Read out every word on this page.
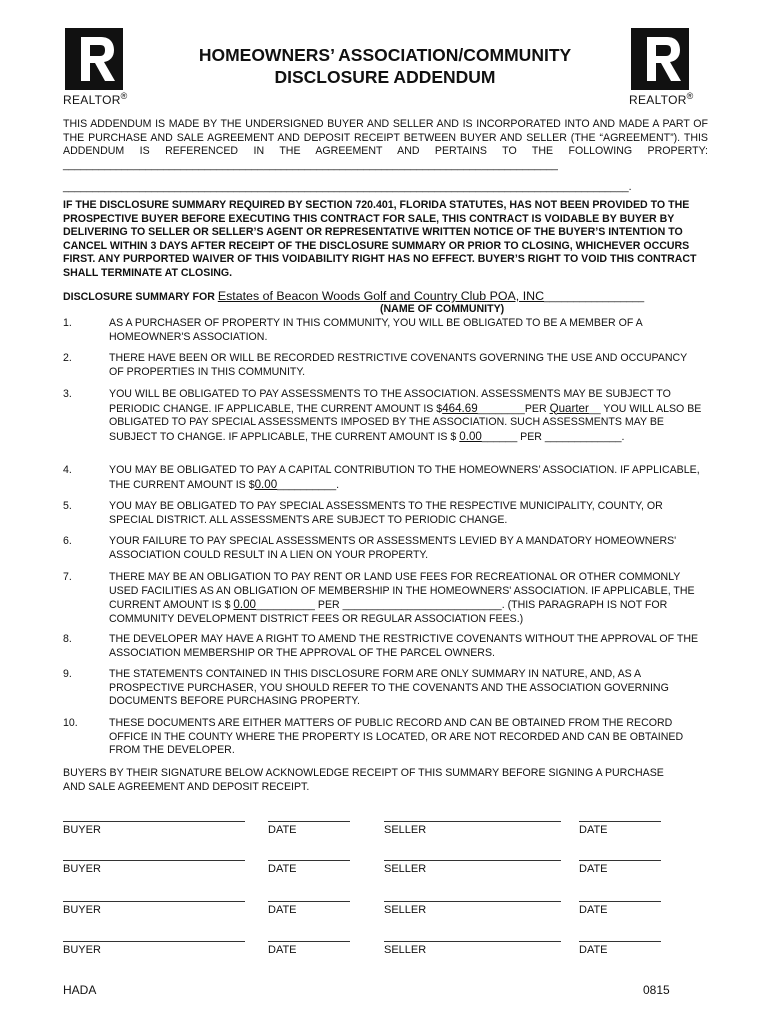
REALTOR®	REALTOR®
HOMEOWNERS’ ASSOCIATION/COMMUNITY
DISCLOSURE ADDENDUM
THIS ADDENDUM IS MADE BY THE UNDERSIGNED BUYER AND SELLER AND IS INCORPORATED INTO AND MADE A PART OF THE PURCHASE AND SALE AGREEMENT AND DEPOSIT RECEIPT BETWEEN BUYER AND SELLER (THE “AGREEMENT”). THIS ADDENDUM IS REFERENCED IN THE AGREEMENT AND PERTAINS TO THE FOLLOWING PROPERTY: ____________________________________________________________________________________
________________________________________________________________________________________________.
IF THE DISCLOSURE SUMMARY REQUIRED BY SECTION 720.401, FLORIDA STATUTES, HAS NOT BEEN PROVIDED TO THE PROSPECTIVE BUYER BEFORE EXECUTING THIS CONTRACT FOR SALE, THIS CONTRACT IS VOIDABLE BY BUYER BY DELIVERING TO SELLER OR SELLER’S AGENT OR REPRESENTATIVE WRITTEN NOTICE OF THE BUYER’S INTENTION TO CANCEL WITHIN 3 DAYS AFTER RECEIPT OF THE DISCLOSURE SUMMARY OR PRIOR TO CLOSING, WHICHEVER OCCURS FIRST. ANY PURPORTED WAIVER OF THIS VOIDABILITY RIGHT HAS NO EFFECT. BUYER’S RIGHT TO VOID THIS CONTRACT SHALL TERMINATE AT CLOSING.
DISCLOSURE SUMMARY FOR Estates of Beacon Woods Golf and Country Club POA, INC_________________
(NAME OF COMMUNITY)
1.	AS A PURCHASER OF PROPERTY IN THIS COMMUNITY, YOU WILL BE OBLIGATED TO BE A MEMBER OF A HOMEOWNER'S ASSOCIATION.
2.	THERE HAVE BEEN OR WILL BE RECORDED RESTRICTIVE COVENANTS GOVERNING THE USE AND OCCUPANCY OF PROPERTIES IN THIS COMMUNITY.
3.	YOU WILL BE OBLIGATED TO PAY ASSESSMENTS TO THE ASSOCIATION. ASSESSMENTS MAY BE SUBJECT TO PERIODIC CHANGE. IF APPLICABLE, THE CURRENT AMOUNT IS $464.69________PER Quarter__ YOU WILL ALSO BE OBLIGATED TO PAY SPECIAL ASSESSMENTS IMPOSED BY THE ASSOCIATION. SUCH ASSESSMENTS MAY BE SUBJECT TO CHANGE. IF APPLICABLE, THE CURRENT AMOUNT IS $ 0.00______ PER _____________.
4.	YOU MAY BE OBLIGATED TO PAY A CAPITAL CONTRIBUTION TO THE HOMEOWNERS’ ASSOCIATION. IF APPLICABLE, THE CURRENT AMOUNT IS $0.00__________.
5.	YOU MAY BE OBLIGATED TO PAY SPECIAL ASSESSMENTS TO THE RESPECTIVE MUNICIPALITY, COUNTY, OR SPECIAL DISTRICT. ALL ASSESSMENTS ARE SUBJECT TO PERIODIC CHANGE.
6.	YOUR FAILURE TO PAY SPECIAL ASSESSMENTS OR ASSESSMENTS LEVIED BY A MANDATORY HOMEOWNERS' ASSOCIATION COULD RESULT IN A LIEN ON YOUR PROPERTY.
7.	THERE MAY BE AN OBLIGATION TO PAY RENT OR LAND USE FEES FOR RECREATIONAL OR OTHER COMMONLY USED FACILITIES AS AN OBLIGATION OF MEMBERSHIP IN THE HOMEOWNERS' ASSOCIATION. IF APPLICABLE, THE CURRENT AMOUNT IS $ 0.00__________ PER ___________________________. (THIS PARAGRAPH IS NOT FOR COMMUNITY DEVELOPMENT DISTRICT FEES OR REGULAR ASSOCIATION FEES.)
8.	THE DEVELOPER MAY HAVE A RIGHT TO AMEND THE RESTRICTIVE COVENANTS WITHOUT THE APPROVAL OF THE ASSOCIATION MEMBERSHIP OR THE APPROVAL OF THE PARCEL OWNERS.
9.	THE STATEMENTS CONTAINED IN THIS DISCLOSURE FORM ARE ONLY SUMMARY IN NATURE, AND, AS A PROSPECTIVE PURCHASER, YOU SHOULD REFER TO THE COVENANTS AND THE ASSOCIATION GOVERNING DOCUMENTS BEFORE PURCHASING PROPERTY.
10.	THESE DOCUMENTS ARE EITHER MATTERS OF PUBLIC RECORD AND CAN BE OBTAINED FROM THE RECORD OFFICE IN THE COUNTY WHERE THE PROPERTY IS LOCATED, OR ARE NOT RECORDED AND CAN BE OBTAINED FROM THE DEVELOPER.
BUYERS BY THEIR SIGNATURE BELOW ACKNOWLEDGE RECEIPT OF THIS SUMMARY BEFORE SIGNING A PURCHASE AND SALE AGREEMENT AND DEPOSIT RECEIPT.
BUYER	DATE	SELLER	DATE
BUYER	DATE	SELLER	DATE
BUYER	DATE	SELLER	DATE
BUYER	DATE	SELLER	DATE
HADA	0815
